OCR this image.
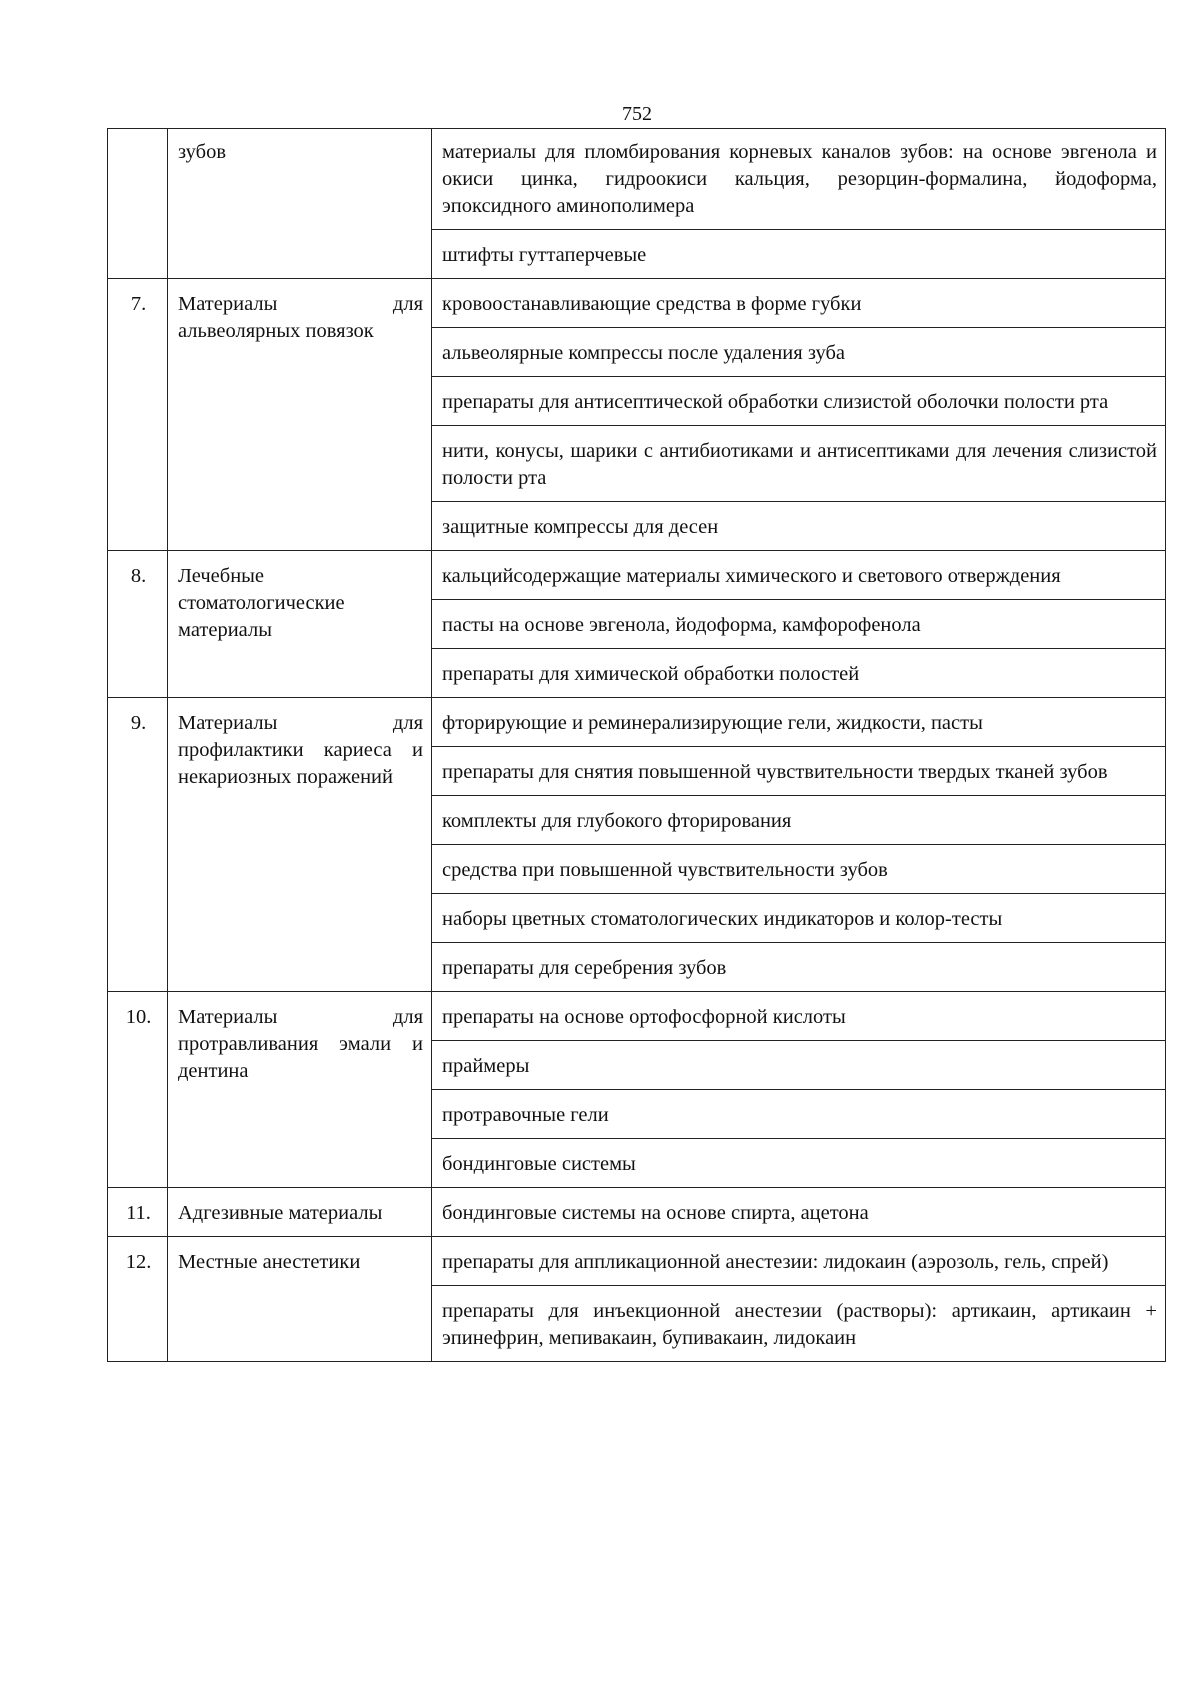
752
	зубов	материалы для пломбирования корневых каналов зубов: на основе эвгенола и окиси цинка, гидроокиси кальция, резорцин-формалина, йодоформа, эпоксидного аминополимера
		штифты гуттаперчевые
7.	Материалы для альвеолярных повязок	кровоостанавливающие средства в форме губки
		альвеолярные компрессы после удаления зуба
		препараты для антисептической обработки слизистой оболочки полости рта
		нити, конусы, шарики с антибиотиками и антисептиками для лечения слизистой полости рта
		защитные компрессы для десен
8.	Лечебные стоматологические материалы	кальцийсодержащие материалы химического и светового отверждения
		пасты на основе эвгенола, йодоформа, камфорофенола
		препараты для химической обработки полостей
9.	Материалы для профилактики кариеса и некариозных поражений	фторирующие и реминерализирующие гели, жидкости, пасты
		препараты для снятия повышенной чувствительности твердых тканей зубов
		комплекты для глубокого фторирования
		средства при повышенной чувствительности зубов
		наборы цветных стоматологических индикаторов и колор-тесты
		препараты для серебрения зубов
10.	Материалы для протравливания эмали и дентина	препараты на основе ортофосфорной кислоты
		праймеры
		протравочные гели
		бондинговые системы
11.	Адгезивные материалы	бондинговые системы на основе спирта, ацетона
12.	Местные анестетики	препараты для аппликационной анестезии: лидокаин (аэрозоль, гель, спрей)
		препараты для инъекционной анестезии (растворы): артикаин, артикаин + эпинефрин, мепивакаин, бупивакаин, лидокаин
